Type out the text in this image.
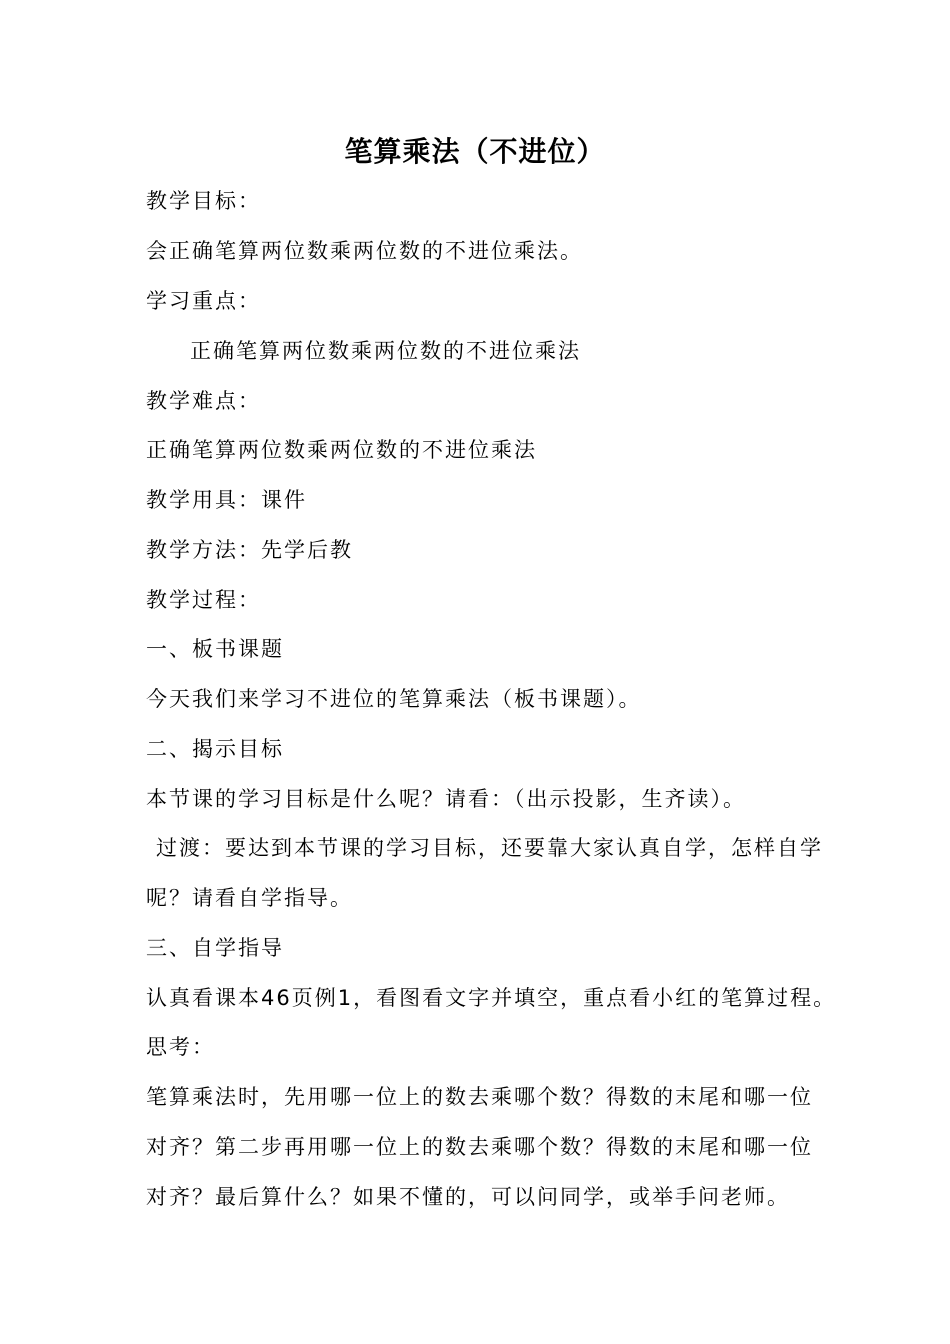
笔算乘法（不进位）
教学目标：
会正确笔算两位数乘两位数的不进位乘法。
学习重点：
正确笔算两位数乘两位数的不进位乘法
教学难点：
正确笔算两位数乘两位数的不进位乘法
教学用具：课件
教学方法：先学后教
教学过程：
一、板书课题
今天我们来学习不进位的笔算乘法（板书课题）。
二、揭示目标
本节课的学习目标是什么呢？请看：（出示投影，生齐读）。
过渡：要达到本节课的学习目标，还要靠大家认真自学，怎样自学
呢？请看自学指导。
三、自学指导
认真看课本46页例1，看图看文字并填空，重点看小红的笔算过程。
思考：
笔算乘法时，先用哪一位上的数去乘哪个数？得数的末尾和哪一位
对齐？第二步再用哪一位上的数去乘哪个数？得数的末尾和哪一位
对齐？最后算什么？如果不懂的，可以问同学，或举手问老师。
